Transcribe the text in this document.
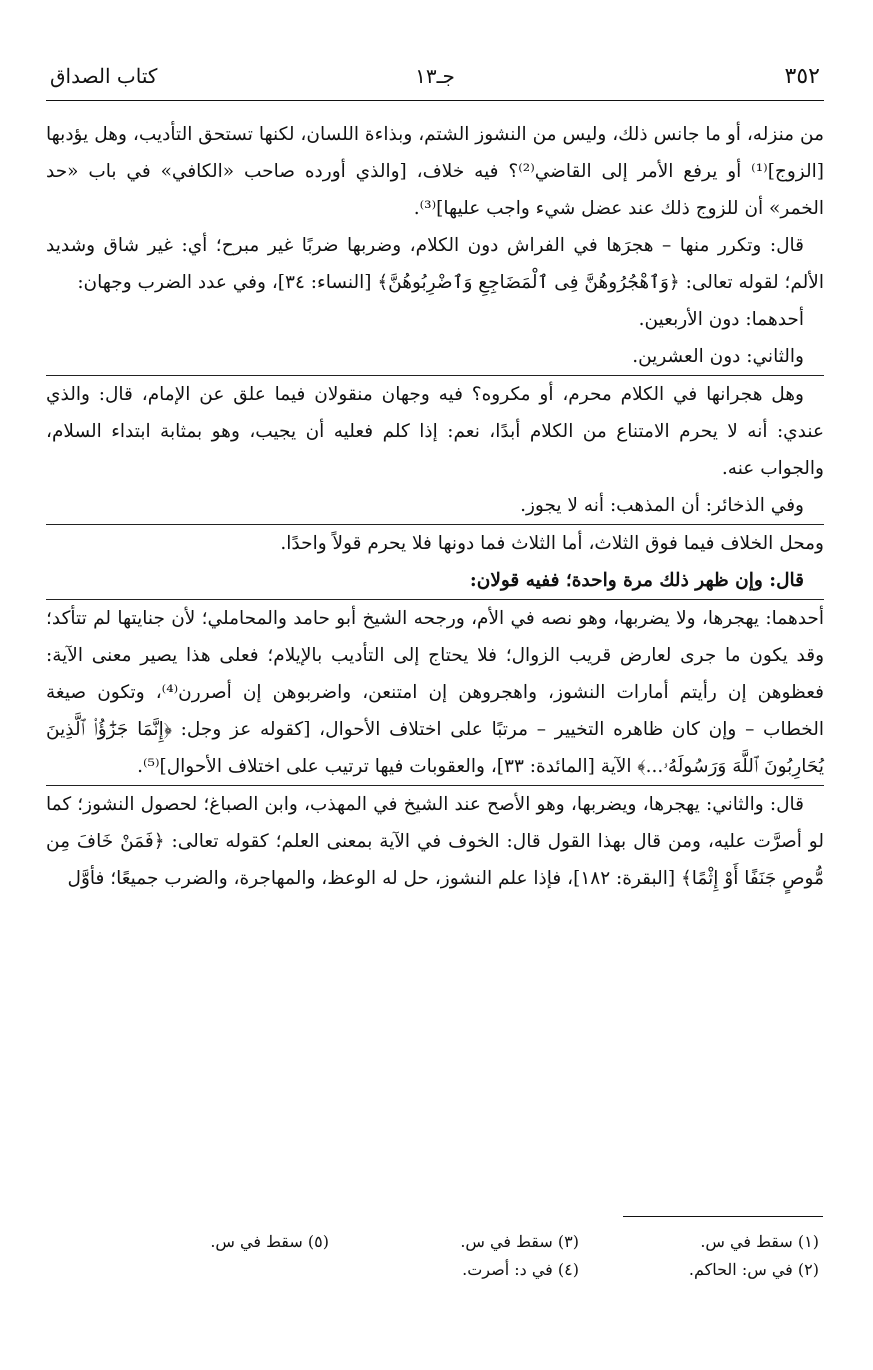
٣٥٢
جـ١٣
كتاب الصداق

من منزله، أو ما جانس ذلك، وليس من النشوز الشتم، وبذاءة اللسان، لكنها تستحق التأديب، وهل يؤدبها [الزوج]⁽¹⁾ أو يرفع الأمر إلى القاضي⁽²⁾؟ فيه خلاف، [والذي أورده صاحب «الكافي» في باب «حد الخمر» أن للزوج ذلك عند عضل شيء واجب عليها]⁽³⁾.

قال: وتكرر منها – هجرَها في الفراش دون الكلام، وضربها ضربًا غير مبرح؛ أي: غير شاق وشديد الألم؛ لقوله تعالى: ﴿وَٱهْجُرُوهُنَّ فِى ٱلْمَضَاجِعِ وَٱضْرِبُوهُنَّ﴾ [النساء: ٣٤]، وفي عدد الضرب وجهان:

أحدهما: دون الأربعين.

والثاني: دون العشرين.

وهل هجرانها في الكلام محرم، أو مكروه؟ فيه وجهان منقولان فيما علق عن الإمام، قال: والذي عندي: أنه لا يحرم الامتناع من الكلام أبدًا، نعم: إذا كلم فعليه أن يجيب، وهو بمثابة ابتداء السلام، والجواب عنه.

وفي الذخائر: أن المذهب: أنه لا يجوز.

ومحل الخلاف فيما فوق الثلاث، أما الثلاث فما دونها فلا يحرم قولاً واحدًا.

قال: وإن ظهر ذلك مرة واحدة؛ ففيه قولان:

أحدهما: يهجرها، ولا يضربها، وهو نصه في الأم، ورجحه الشيخ أبو حامد والمحاملي؛ لأن جنايتها لم تتأكد؛ وقد يكون ما جرى لعارض قريب الزوال؛ فلا يحتاج إلى التأديب بالإيلام؛ فعلى هذا يصير معنى الآية: فعظوهن إن رأيتم أمارات النشوز، واهجروهن إن امتنعن، واضربوهن إن أصررن⁽⁴⁾، وتكون صيغة الخطاب – وإن كان ظاهره التخيير – مرتبًا على اختلاف الأحوال، [كقوله عز وجل: ﴿إِنَّمَا جَزَٰٓؤُا۟ ٱلَّذِينَ يُحَارِبُونَ ٱللَّهَ وَرَسُولَهُۥ...﴾ الآية [المائدة: ٣٣]، والعقوبات فيها ترتيب على اختلاف الأحوال]⁽⁵⁾.

قال: والثاني: يهجرها، ويضربها، وهو الأصح عند الشيخ في المهذب، وابن الصباغ؛ لحصول النشوز؛ كما لو أصرَّت عليه، ومن قال بهذا القول قال: الخوف في الآية بمعنى العلم؛ كقوله تعالى: ﴿فَمَنْ خَافَ مِن مُّوصٍ جَنَفًا أَوْ إِثْمًا﴾ [البقرة: ١٨٢]، فإذا علم النشوز، حل له الوعظ، والمهاجرة، والضرب جميعًا؛ فأوَّل

(١) سقط في س.
(٢) في س: الحاكم.
(٣) سقط في س.
(٤) في د: أصرت.
(٥) سقط في س.
